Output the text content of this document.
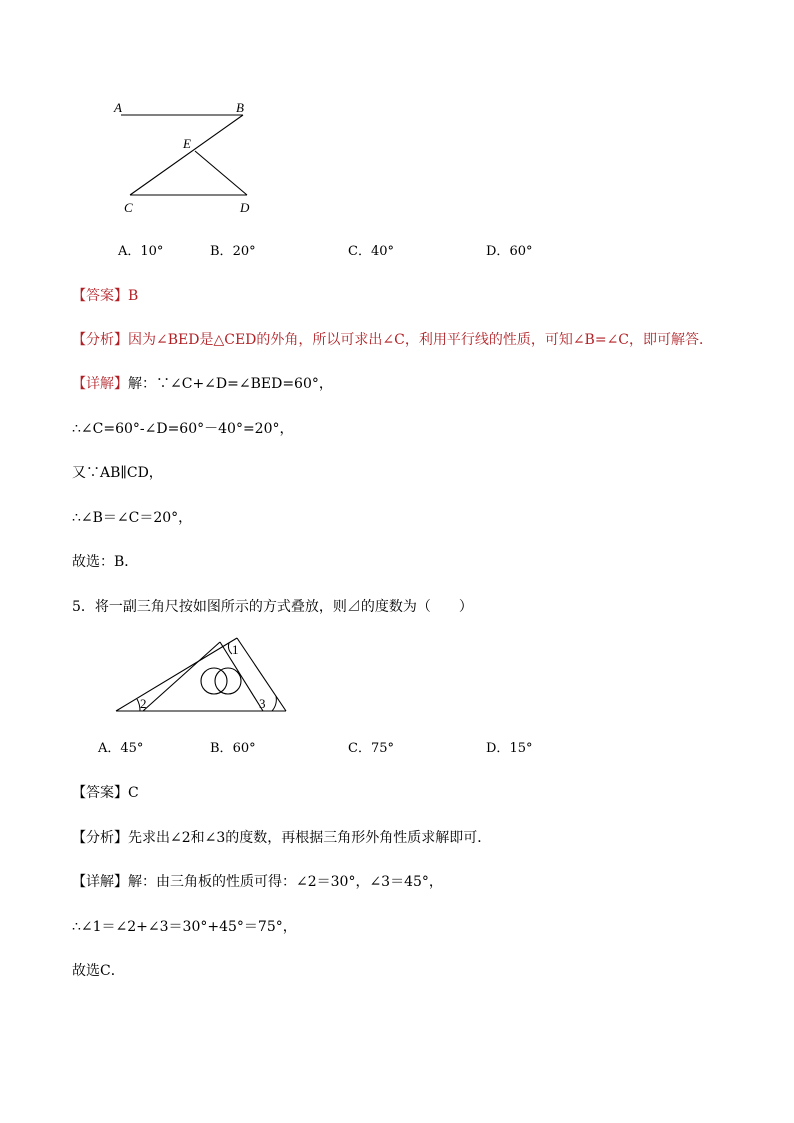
A	B
E
C	D
A．10°	B．20°	C．40°	D．60°
【答案】B
【分析】因为∠BED是△CED的外角，所以可求出∠C，利用平行线的性质，可知∠B=∠C，即可解答．
【详解】解：∵∠C+∠D=∠BED=60°，
∴∠C=60°-∠D=60°－40°=20°，
又∵AB∥CD，
∴∠B＝∠C＝20°，
故选：B．
5．将一副三角尺按如图所示的方式叠放，则⊿的度数为（　　）
1
2	3
A．45°	B．60°	C．75°	D．15°
【答案】C
【分析】先求出∠2和∠3的度数，再根据三角形外角性质求解即可．
【详解】解：由三角板的性质可得：∠2＝30°，∠3＝45°，
∴∠1＝∠2+∠3＝30°+45°＝75°，
故选C．
